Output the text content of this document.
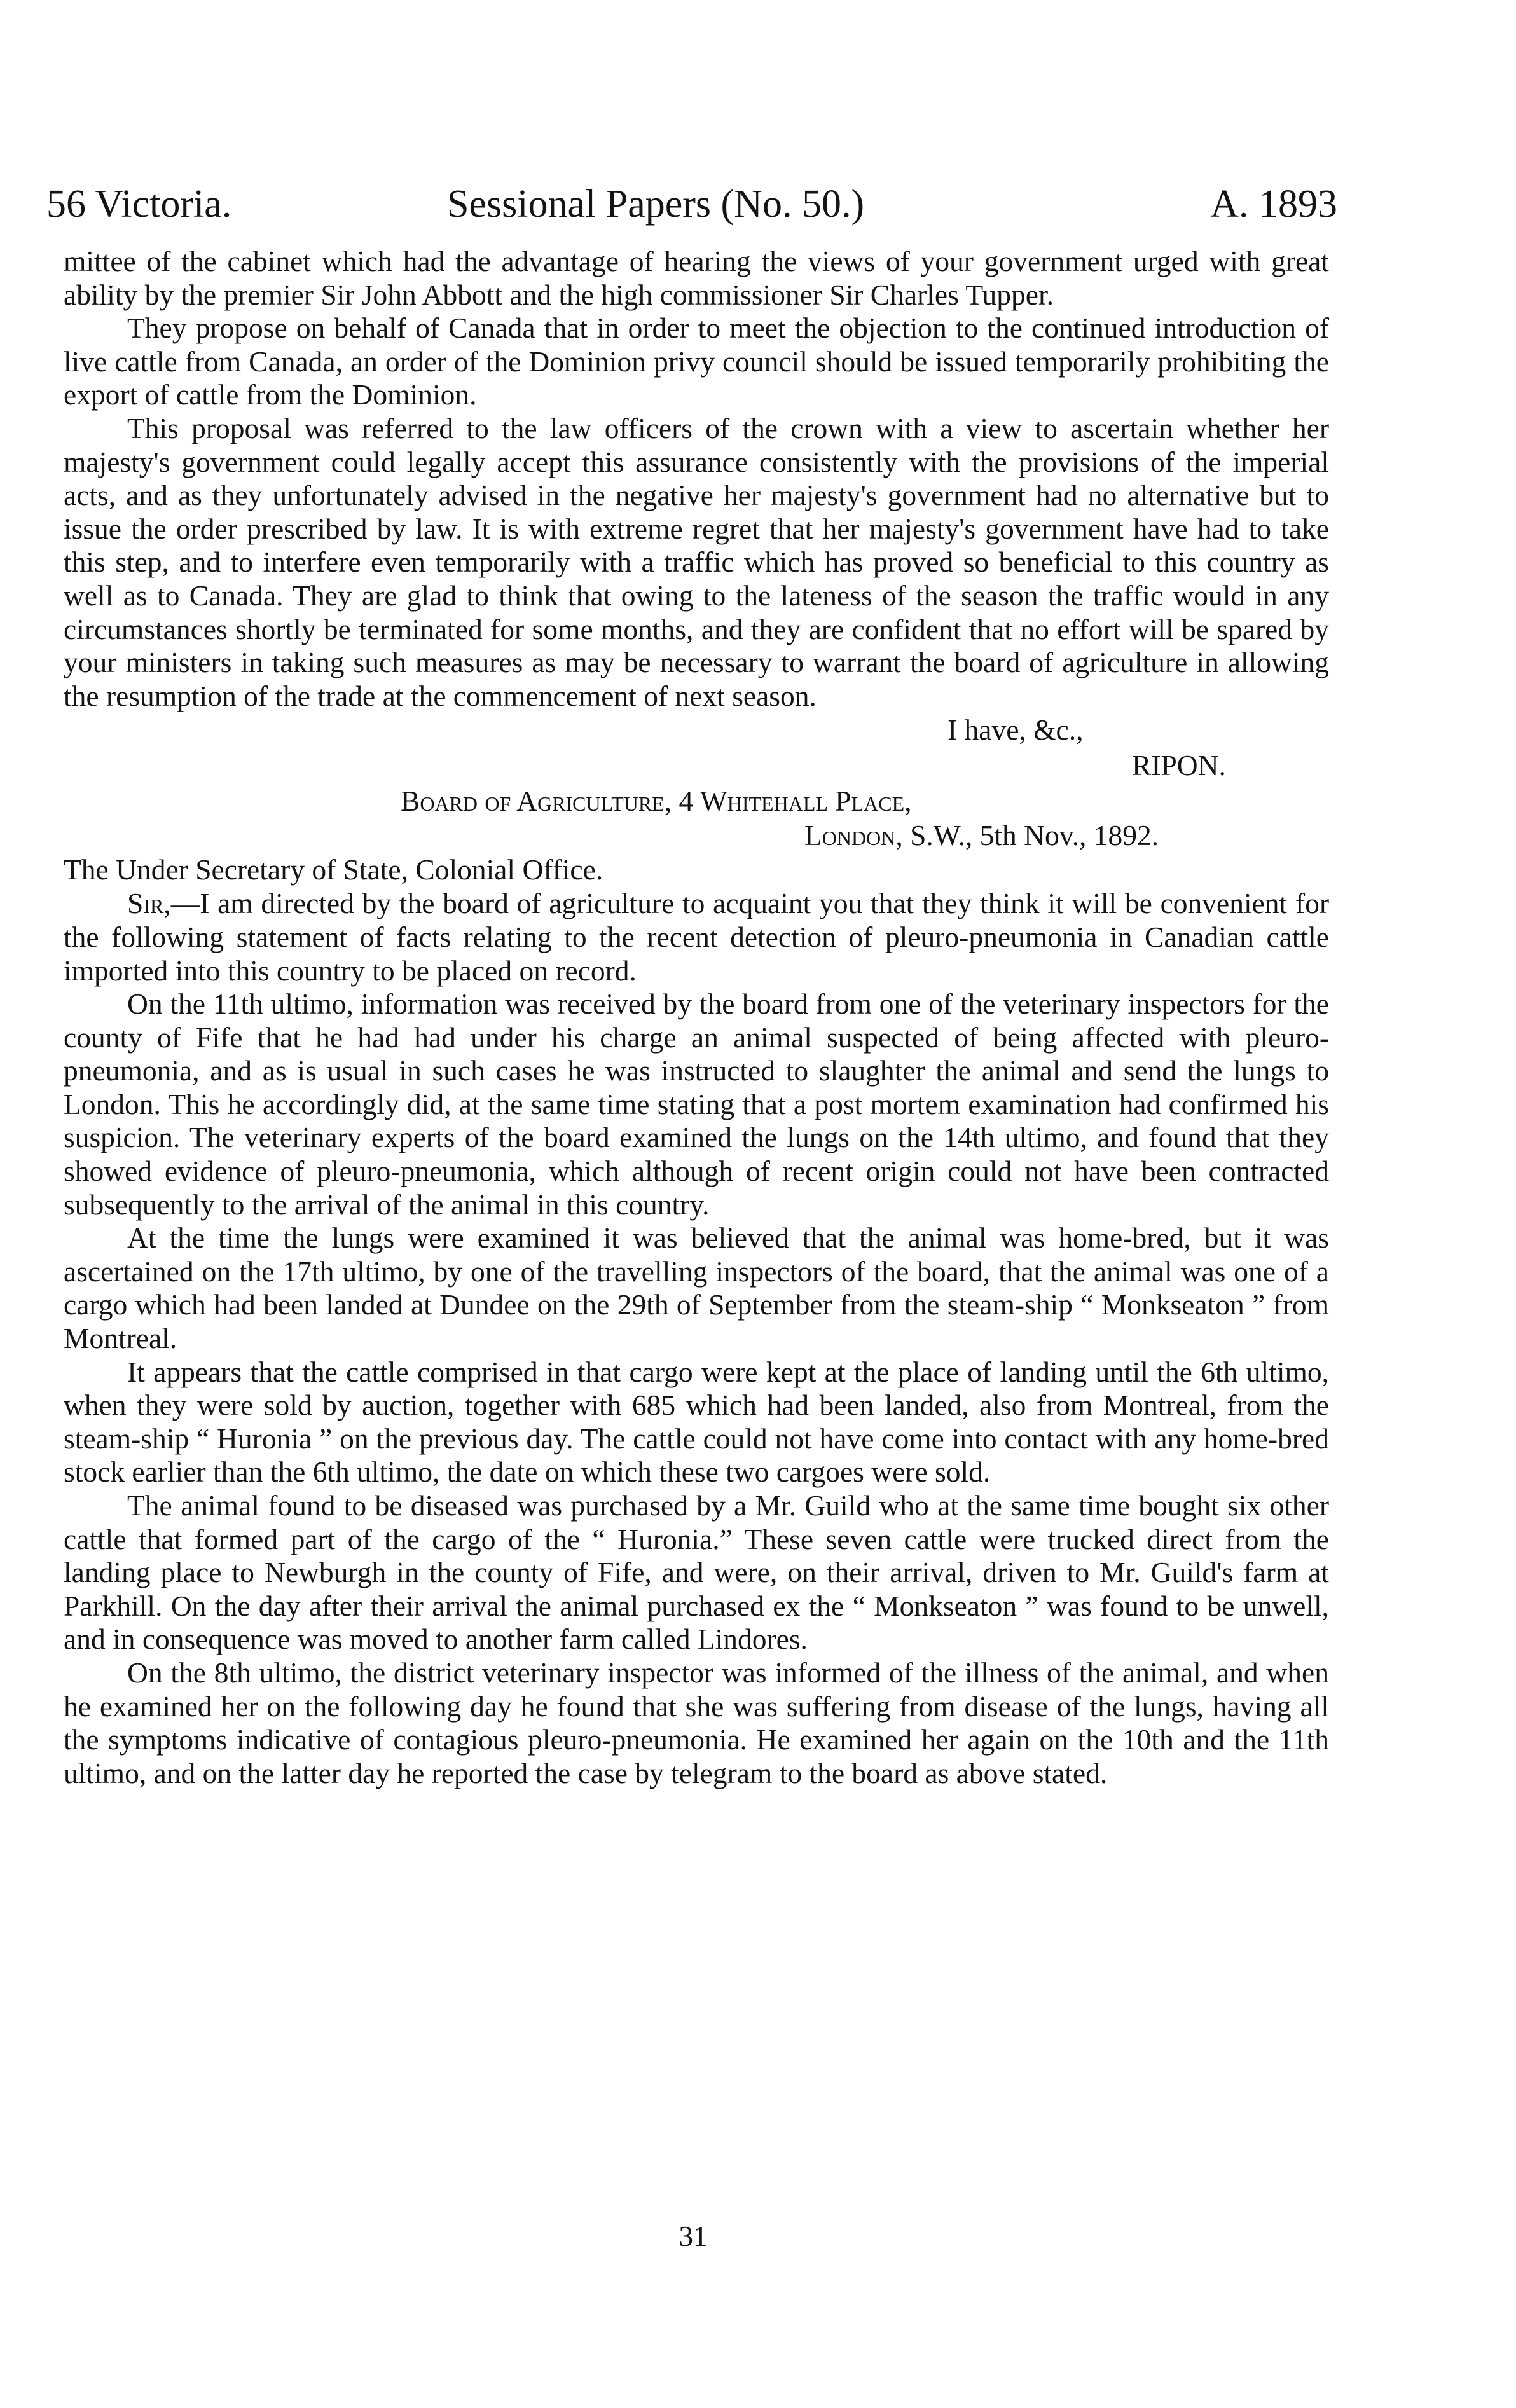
56 Victoria.	Sessional Papers (No. 50.)	A. 1893

mittee of the cabinet which had the advantage of hearing the views of your government urged with great ability by the premier Sir John Abbott and the high commissioner Sir Charles Tupper.

They propose on behalf of Canada that in order to meet the objection to the continued introduction of live cattle from Canada, an order of the Dominion privy council should be issued temporarily prohibiting the export of cattle from the Dominion.

This proposal was referred to the law officers of the crown with a view to ascertain whether her majesty's government could legally accept this assurance consistently with the provisions of the imperial acts, and as they unfortunately advised in the negative her majesty's government had no alternative but to issue the order prescribed by law. It is with extreme regret that her majesty's government have had to take this step, and to interfere even temporarily with a traffic which has proved so beneficial to this country as well as to Canada. They are glad to think that owing to the lateness of the season the traffic would in any circumstances shortly be terminated for some months, and they are confident that no effort will be spared by your ministers in taking such measures as may be necessary to warrant the board of agriculture in allowing the resumption of the trade at the commencement of next season.

I have, &c.,

RIPON.

Board of Agriculture, 4 Whitehall Place,

London, S.W., 5th Nov., 1892.

The Under Secretary of State, Colonial Office.

Sir,—I am directed by the board of agriculture to acquaint you that they think it will be convenient for the following statement of facts relating to the recent detection of pleuro-pneumonia in Canadian cattle imported into this country to be placed on record.

On the 11th ultimo, information was received by the board from one of the veterinary inspectors for the county of Fife that he had had under his charge an animal suspected of being affected with pleuro-pneumonia, and as is usual in such cases he was instructed to slaughter the animal and send the lungs to London. This he accordingly did, at the same time stating that a post mortem examination had confirmed his suspicion. The veterinary experts of the board examined the lungs on the 14th ultimo, and found that they showed evidence of pleuro-pneumonia, which although of recent origin could not have been contracted subsequently to the arrival of the animal in this country.

At the time the lungs were examined it was believed that the animal was home-bred, but it was ascertained on the 17th ultimo, by one of the travelling inspectors of the board, that the animal was one of a cargo which had been landed at Dundee on the 29th of September from the steam-ship “ Monkseaton ” from Montreal.

It appears that the cattle comprised in that cargo were kept at the place of landing until the 6th ultimo, when they were sold by auction, together with 685 which had been landed, also from Montreal, from the steam-ship “ Huronia ” on the previous day. The cattle could not have come into contact with any home-bred stock earlier than the 6th ultimo, the date on which these two cargoes were sold.

The animal found to be diseased was purchased by a Mr. Guild who at the same time bought six other cattle that formed part of the cargo of the “ Huronia.” These seven cattle were trucked direct from the landing place to Newburgh in the county of Fife, and were, on their arrival, driven to Mr. Guild's farm at Parkhill. On the day after their arrival the animal purchased ex the “ Monkseaton ” was found to be unwell, and in consequence was moved to another farm called Lindores.

On the 8th ultimo, the district veterinary inspector was informed of the illness of the animal, and when he examined her on the following day he found that she was suffering from disease of the lungs, having all the symptoms indicative of contagious pleuro-pneumonia. He examined her again on the 10th and the 11th ultimo, and on the latter day he reported the case by telegram to the board as above stated.

31
